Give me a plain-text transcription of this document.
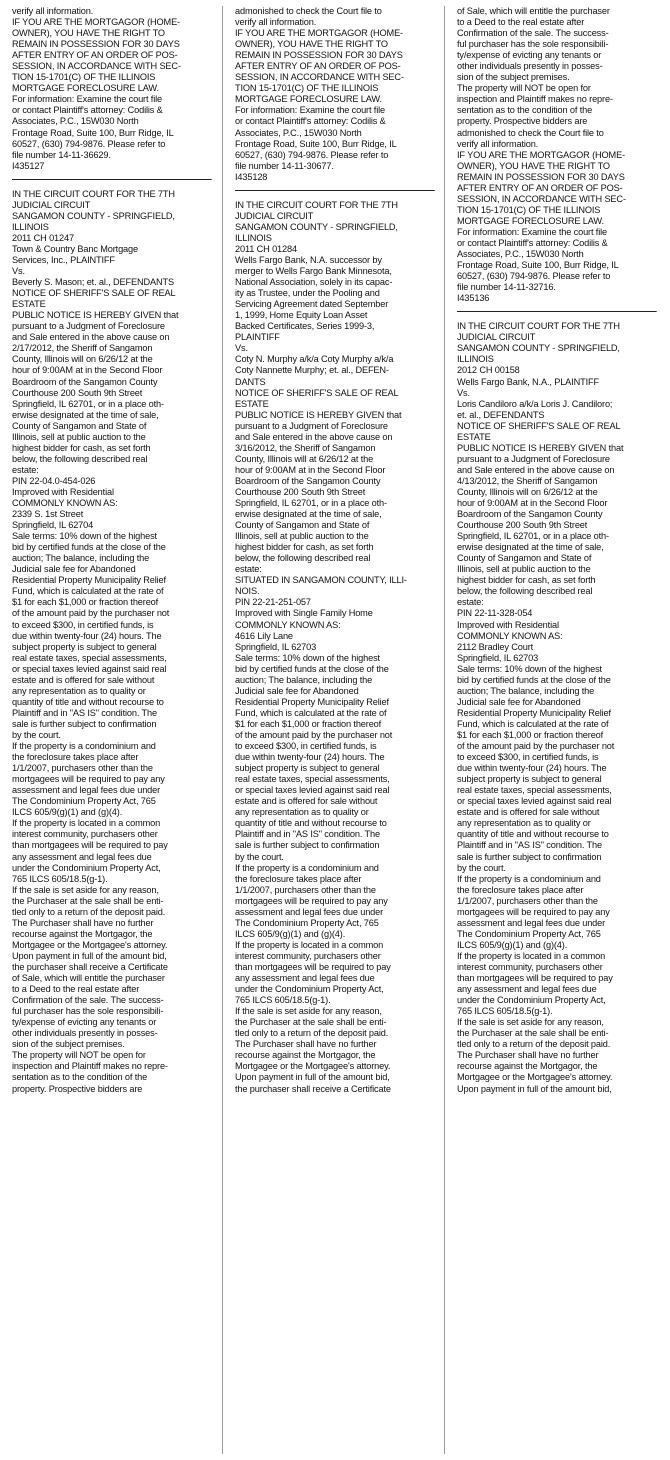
verify all information.
IF YOU ARE THE MORTGAGOR (HOME-
OWNER), YOU HAVE THE RIGHT TO
REMAIN IN POSSESSION FOR 30 DAYS
AFTER ENTRY OF AN ORDER OF POS-
SESSION, IN ACCORDANCE WITH SEC-
TION 15-1701(C) OF THE ILLINOIS
MORTGAGE FORECLOSURE LAW.
For information: Examine the court file
or contact Plaintiff's attorney: Codilis &
Associates, P.C., 15W030 North
Frontage Road, Suite 100, Burr Ridge, IL
60527, (630) 794-9876. Please refer to
file number 14-11-36629.
I435127
IN THE CIRCUIT COURT FOR THE 7TH
JUDICIAL CIRCUIT
SANGAMON COUNTY - SPRINGFIELD,
ILLINOIS
2011 CH 01247
Town & Country Banc Mortgage
Services, Inc., PLAINTIFF
Vs.
Beverly S. Mason; et. al., DEFENDANTS
NOTICE OF SHERIFF'S SALE OF REAL
ESTATE
PUBLIC NOTICE IS HEREBY GIVEN that
pursuant to a Judgment of Foreclosure
and Sale entered in the above cause on
2/17/2012, the Sheriff of Sangamon
County, Illinois will on 6/26/12 at the
hour of 9:00AM at in the Second Floor
Boardroom of the Sangamon County
Courthouse 200 South 9th Street
Springfield, IL 62701, or in a place oth-
erwise designated at the time of sale,
County of Sangamon and State of
Illinois, sell at public auction to the
highest bidder for cash, as set forth
below, the following described real
estate:
PIN 22-04.0-454-026
Improved with Residential
COMMONLY KNOWN AS:
2339 S. 1st Street
Springfield, IL 62704
Sale terms: 10% down of the highest
bid by certified funds at the close of the
auction; The balance, including the
Judicial sale fee for Abandoned
Residential Property Municipality Relief
Fund, which is calculated at the rate of
$1 for each $1,000 or fraction thereof
of the amount paid by the purchaser not
to exceed $300, in certified funds, is
due within twenty-four (24) hours. The
subject property is subject to general
real estate taxes, special assessments,
or special taxes levied against said real
estate and is offered for sale without
any representation as to quality or
quantity of title and without recourse to
Plaintiff and in "AS IS" condition. The
sale is further subject to confirmation
by the court.
If the property is a condominium and
the foreclosure takes place after
1/1/2007, purchasers other than the
mortgagees will be required to pay any
assessment and legal fees due under
The Condominium Property Act, 765
ILCS 605/9(g)(1) and (g)(4).
If the property is located in a common
interest community, purchasers other
than mortgagees will be required to pay
any assessment and legal fees due
under the Condominium Property Act,
765 ILCS 605/18.5(g-1).
If the sale is set aside for any reason,
the Purchaser at the sale shall be enti-
tled only to a return of the deposit paid.
The Purchaser shall have no further
recourse against the Mortgagor, the
Mortgagee or the Mortgagee's attorney.
Upon payment in full of the amount bid,
the purchaser shall receive a Certificate
of Sale, which will entitle the purchaser
to a Deed to the real estate after
Confirmation of the sale. The success-
ful purchaser has the sole responsibili-
ty/expense of evicting any tenants or
other individuals presently in posses-
sion of the subject premises.
The property will NOT be open for
inspection and Plaintiff makes no repre-
sentation as to the condition of the
property. Prospective bidders are
admonished to check the Court file to
verify all information.
IF YOU ARE THE MORTGAGOR (HOME-
OWNER), YOU HAVE THE RIGHT TO
REMAIN IN POSSESSION FOR 30 DAYS
AFTER ENTRY OF AN ORDER OF POS-
SESSION, IN ACCORDANCE WITH SEC-
TION 15-1701(C) OF THE ILLINOIS
MORTGAGE FORECLOSURE LAW.
For information: Examine the court file
or contact Plaintiff's attorney: Codilis &
Associates, P.C., 15W030 North
Frontage Road, Suite 100, Burr Ridge, IL
60527, (630) 794-9876. Please refer to
file number 14-11-30677.
I435128
IN THE CIRCUIT COURT FOR THE 7TH
JUDICIAL CIRCUIT
SANGAMON COUNTY - SPRINGFIELD,
ILLINOIS
2011 CH 01284
Wells Fargo Bank, N.A. successor by
merger to Wells Fargo Bank Minnesota,
National Association, solely in its capac-
ity as Trustee, under the Pooling and
Servicing Agreement dated September
1, 1999, Home Equity Loan Asset
Backed Certificates, Series 1999-3,
PLAINTIFF
Vs.
Coty N. Murphy a/k/a Coty Murphy a/k/a
Coty Nannette Murphy; et. al., DEFEN-
DANTS
NOTICE OF SHERIFF'S SALE OF REAL
ESTATE
PUBLIC NOTICE IS HEREBY GIVEN that
pursuant to a Judgment of Foreclosure
and Sale entered in the above cause on
3/16/2012, the Sheriff of Sangamon
County, Illinois will at 6/26/12 at the
hour of 9:00AM at in the Second Floor
Boardroom of the Sangamon County
Courthouse 200 South 9th Street
Springfield, IL 62701, or in a place oth-
erwise designated at the time of sale,
County of Sangamon and State of
Illinois, sell at public auction to the
highest bidder for cash, as set forth
below, the following described real
estate:
SITUATED IN SANGAMON COUNTY, ILLI-
NOIS.
PIN 22-21-251-057
Improved with Single Family Home
COMMONLY KNOWN AS:
4616 Lily Lane
Springfield, IL 62703
Sale terms: 10% down of the highest
bid by certified funds at the close of the
auction; The balance, including the
Judicial sale fee for Abandoned
Residential Property Municipality Relief
Fund, which is calculated at the rate of
$1 for each $1,000 or fraction thereof
of the amount paid by the purchaser not
to exceed $300, in certified funds, is
due within twenty-four (24) hours. The
subject property is subject to general
real estate taxes, special assessments,
or special taxes levied against said real
estate and is offered for sale without
any representation as to quality or
quantity of title and without recourse to
Plaintiff and in "AS IS" condition. The
sale is further subject to confirmation
by the court.
If the property is a condominium and
the foreclosure takes place after
1/1/2007, purchasers other than the
mortgagees will be required to pay any
assessment and legal fees due under
The Condominium Property Act, 765
ILCS 605/9(g)(1) and (g)(4).
If the property is located in a common
interest community, purchasers other
than mortgagees will be required to pay
any assessment and legal fees due
under the Condominium Property Act,
765 ILCS 605/18.5(g-1).
If the sale is set aside for any reason,
the Purchaser at the sale shall be enti-
tled only to a return of the deposit paid.
The Purchaser shall have no further
recourse against the Mortgagor, the
Mortgagee or the Mortgagee's attorney.
Upon payment in full of the amount bid,
the purchaser shall receive a Certificate
of Sale, which will entitle the purchaser
to a Deed to the real estate after
Confirmation of the sale. The success-
ful purchaser has the sole responsibili-
ty/expense of evicting any tenants or
other individuals presently in posses-
sion of the subject premises.
The property will NOT be open for
inspection and Plaintiff makes no repre-
sentation as to the condition of the
property. Prospective bidders are
admonished to check the Court file to
verify all information.
IF YOU ARE THE MORTGAGOR (HOME-
OWNER), YOU HAVE THE RIGHT TO
REMAIN IN POSSESSION FOR 30 DAYS
AFTER ENTRY OF AN ORDER OF POS-
SESSION, IN ACCORDANCE WITH SEC-
TION 15-1701(C) OF THE ILLINOIS
MORTGAGE FORECLOSURE LAW.
For information: Examine the court file
or contact Plaintiff's attorney: Codilis &
Associates, P.C., 15W030 North
Frontage Road, Suite 100, Burr Ridge, IL
60527, (630) 794-9876. Please refer to
file number 14-11-32716.
I435136
IN THE CIRCUIT COURT FOR THE 7TH
JUDICIAL CIRCUIT
SANGAMON COUNTY - SPRINGFIELD,
ILLINOIS
2012 CH 00158
Wells Fargo Bank, N.A., PLAINTIFF
Vs.
Loris Candiloro a/k/a Loris J. Candiloro;
et. al., DEFENDANTS
NOTICE OF SHERIFF'S SALE OF REAL
ESTATE
PUBLIC NOTICE IS HEREBY GIVEN that
pursuant to a Judgment of Foreclosure
and Sale entered in the above cause on
4/13/2012, the Sheriff of Sangamon
County, Illinois will on 6/26/12 at the
hour of 9:00AM at in the Second Floor
Boardroom of the Sangamon County
Courthouse 200 South 9th Street
Springfield, IL 62701, or in a place oth-
erwise designated at the time of sale,
County of Sangamon and State of
Illinois, sell at public auction to the
highest bidder for cash, as set forth
below, the following described real
estate:
PIN 22-11-328-054
Improved with Residential
COMMONLY KNOWN AS:
2112 Bradley Court
Springfield, IL 62703
Sale terms: 10% down of the highest
bid by certified funds at the close of the
auction; The balance, including the
Judicial sale fee for Abandoned
Residential Property Municipality Relief
Fund, which is calculated at the rate of
$1 for each $1,000 or fraction thereof
of the amount paid by the purchaser not
to exceed $300, in certified funds, is
due within twenty-four (24) hours. The
subject property is subject to general
real estate taxes, special assessments,
or special taxes levied against said real
estate and is offered for sale without
any representation as to quality or
quantity of title and without recourse to
Plaintiff and in "AS IS" condition. The
sale is further subject to confirmation
by the court.
If the property is a condominium and
the foreclosure takes place after
1/1/2007, purchasers other than the
mortgagees will be required to pay any
assessment and legal fees due under
The Condominium Property Act, 765
ILCS 605/9(g)(1) and (g)(4).
If the property is located in a common
interest community, purchasers other
than mortgagees will be required to pay
any assessment and legal fees due
under the Condominium Property Act,
765 ILCS 605/18.5(g-1).
If the sale is set aside for any reason,
the Purchaser at the sale shall be enti-
tled only to a return of the deposit paid.
The Purchaser shall have no further
recourse against the Mortgagor, the
Mortgagee or the Mortgagee's attorney.
Upon payment in full of the amount bid,
